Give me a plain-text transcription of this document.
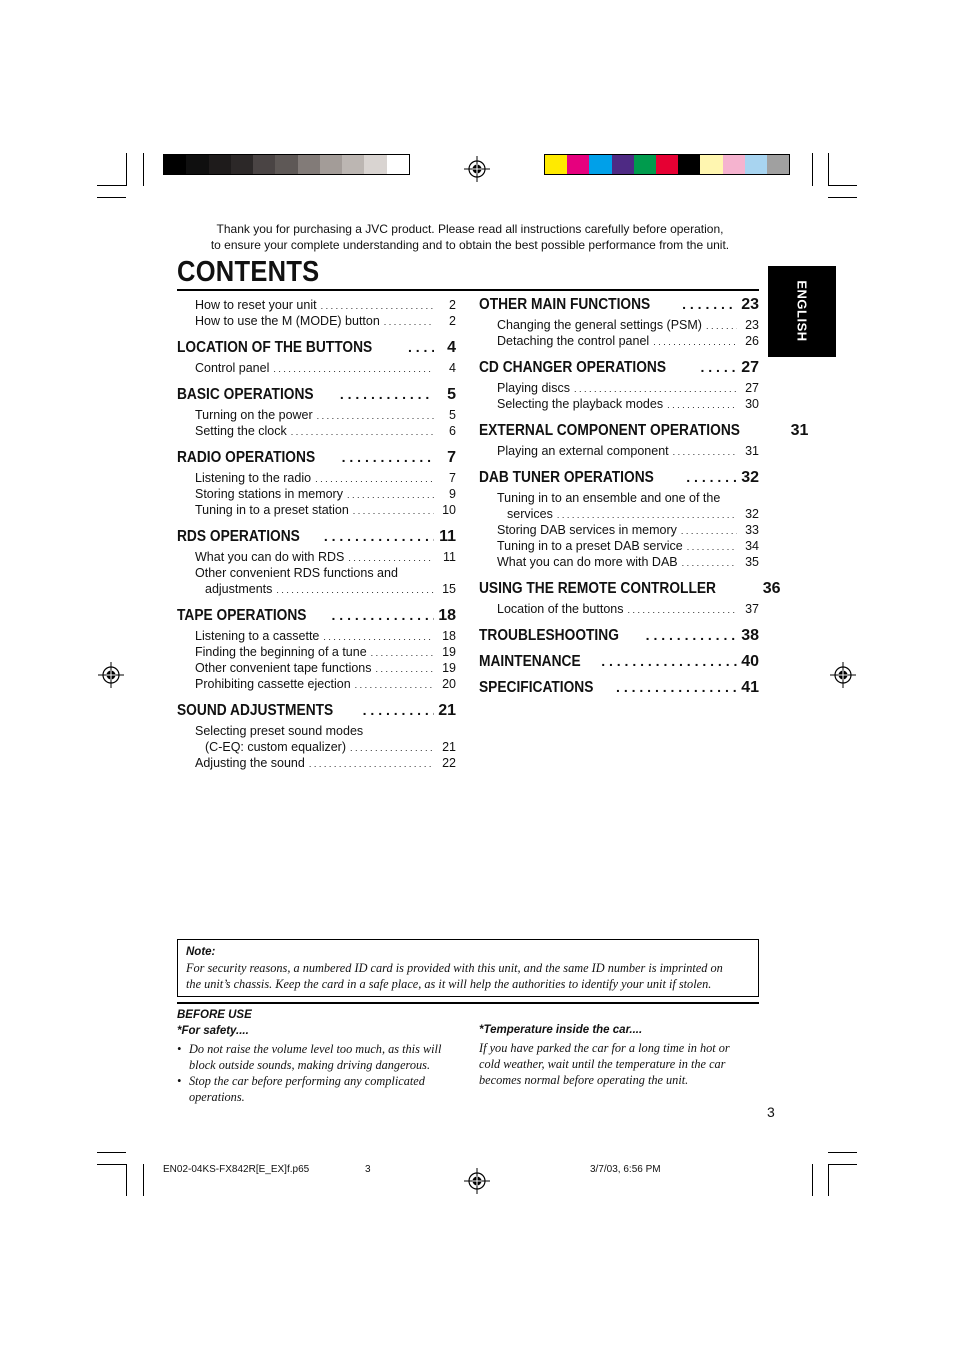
Thank you for purchasing a JVC product. Please read all instructions carefully before operation,
to ensure your complete understanding and to obtain the best possible performance from the unit.
CONTENTS
ENGLISH
How to reset your unit . . .	2
How to use the M (MODE) button . . .	2
LOCATION OF THE BUTTONS . . .	4
Control panel . . .	4
BASIC OPERATIONS . . .	5
Turning on the power . . .	5
Setting the clock . . .	6
RADIO OPERATIONS . . .	7
Listening to the radio . . .	7
Storing stations in memory . . .	9
Tuning in to a preset station . . .	10
RDS OPERATIONS . . .	11
What you can do with RDS . . .	11
Other convenient RDS functions and
adjustments . . .	15
TAPE OPERATIONS . . .	18
Listening to a cassette . . .	18
Finding the beginning of a tune . . .	19
Other convenient tape functions . . .	19
Prohibiting cassette ejection . . .	20
SOUND ADJUSTMENTS . . .	21
Selecting preset sound modes
(C-EQ: custom equalizer) . . .	21
Adjusting the sound . . .	22
OTHER MAIN FUNCTIONS . . .	23
Changing the general settings (PSM) . . .	23
Detaching the control panel . . .	26
CD CHANGER OPERATIONS . . .	27
Playing discs . . .	27
Selecting the playback modes . . .	30
EXTERNAL COMPONENT OPERATIONS	31
Playing an external component . . .	31
DAB TUNER OPERATIONS . . .	32
Tuning in to an ensemble and one of the
services . . .	32
Storing DAB services in memory . . .	33
Tuning in to a preset DAB service . . .	34
What you can do more with DAB . . .	35
USING THE REMOTE CONTROLLER	36
Location of the buttons . . .	37
TROUBLESHOOTING . . .	38
MAINTENANCE . . .	40
SPECIFICATIONS . . .	41
Note:
For security reasons, a numbered ID card is provided with this unit, and the same ID number is imprinted on
the unit’s chassis. Keep the card in a safe place, as it will help the authorities to identify your unit if stolen.
BEFORE USE
*For safety....
• Do not raise the volume level too much, as this will
block outside sounds, making driving dangerous.
• Stop the car before performing any complicated
operations.
*Temperature inside the car....
If you have parked the car for a long time in hot or
cold weather, wait until the temperature in the car
becomes normal before operating the unit.
3
EN02-04KS-FX842R[E_EX]f.p65	3	3/7/03, 6:56 PM
